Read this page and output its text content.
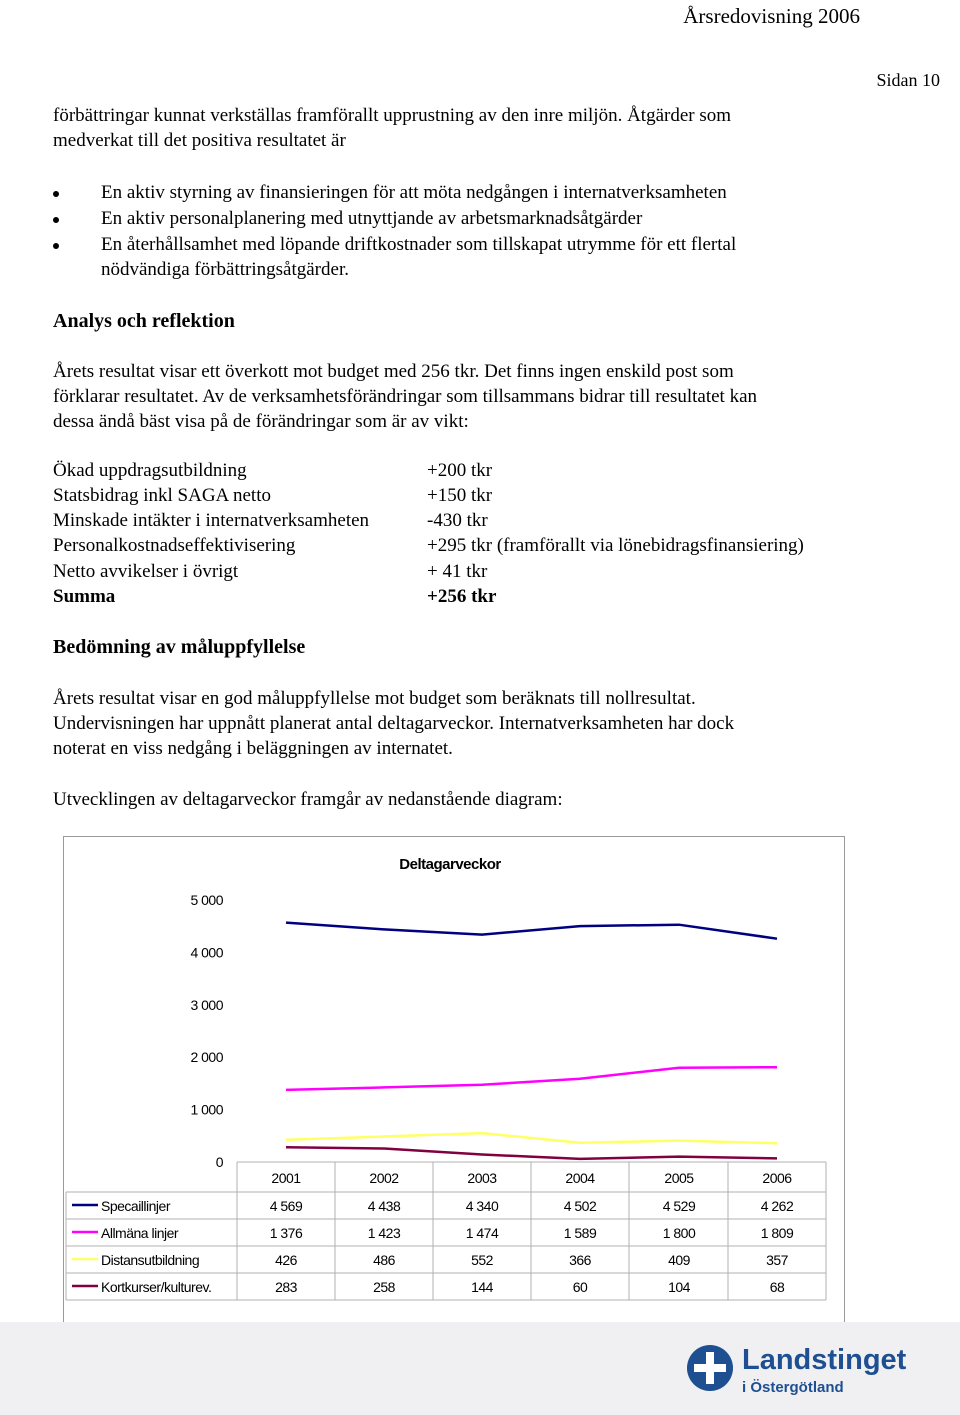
Årsredovisning 2006
Sidan 10
förbättringar kunnat verkställas framförallt upprustning av den inre miljön. Åtgärder som
medverkat till det positiva resultatet är
En aktiv styrning av finansieringen för att möta nedgången i internatverksamheten
En aktiv personalplanering med utnyttjande av arbetsmarknadsåtgärder
En återhållsamhet med löpande driftkostnader som tillskapat utrymme för ett flertal
nödvändiga förbättringsåtgärder.
Analys och reflektion
Årets resultat visar ett överkott mot budget med 256 tkr. Det finns ingen enskild post som
förklarar resultatet. Av de verksamhetsförändringar som tillsammans bidrar till resultatet kan
dessa ändå bäst visa på de förändringar som är av vikt:
Ökad uppdragsutbildning	+200 tkr
Statsbidrag inkl SAGA netto	+150 tkr
Minskade intäkter i internatverksamheten	-430 tkr
Personalkostnadseffektivisering	+295 tkr (framförallt via lönebidragsfinansiering)
Netto avvikelser i övrigt	+ 41 tkr
Summa	+256 tkr
Bedömning av måluppfyllelse
Årets resultat visar en god måluppfyllelse mot budget som beräknats till nollresultat.
Undervisningen har uppnått planerat antal deltagarveckor. Internatverksamheten har dock
noterat en viss nedgång i beläggningen av internatet.
Utvecklingen av deltagarveckor framgår av nedanstående diagram:
Deltagarveckor
0
1 000
2 000
3 000
4 000
5 000
2001	2002	2003	2004	2005	2006
Specaillinjer	4 569	4 438	4 340	4 502	4 529	4 262
Allmäna linjer	1 376	1 423	1 474	1 589	1 800	1 809
Distansutbildning	426	486	552	366	409	357
Kortkurser/kulturev.	283	258	144	60	104	68
Landstinget
i Östergötland
